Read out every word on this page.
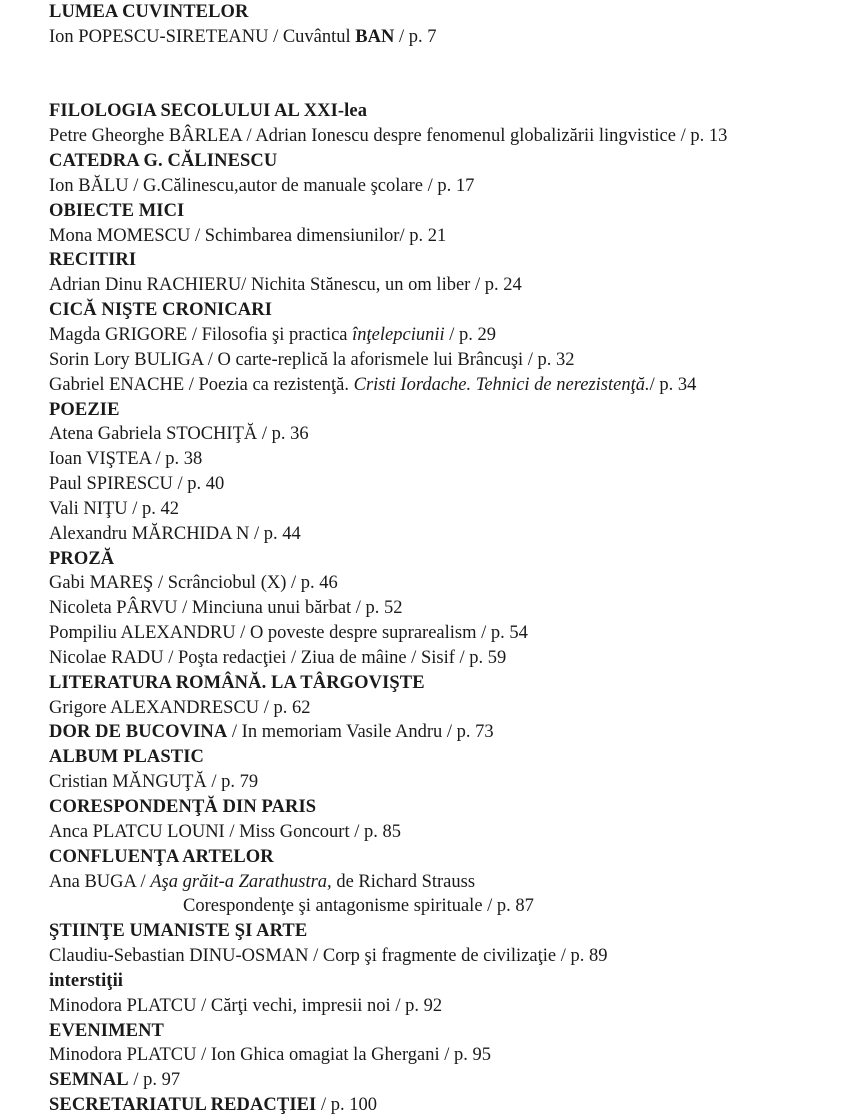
LUMEA CUVINTELOR
Ion POPESCU-SIRETEANU / Cuvântul BAN / p. 7
FILOLOGIA SECOLULUI AL XXI-lea
Petre Gheorghe BÂRLEA / Adrian Ionescu despre fenomenul globalizării lingvistice / p. 13
CATEDRA G. CĂLINESCU
Ion BĂLU / G.Călinescu,autor de manuale şcolare / p. 17
OBIECTE MICI
Mona MOMESCU / Schimbarea dimensiunilor/ p. 21
RECITIRI
Adrian Dinu RACHIERU/ Nichita Stănescu, un om liber / p. 24
CICĂ NIŞTE CRONICARI
Magda GRIGORE / Filosofia şi practica înţelepciunii / p. 29
Sorin Lory BULIGA / O carte-replică la aforismele lui Brâncuşi / p. 32
Gabriel ENACHE / Poezia ca rezistenţă. Cristi Iordache. Tehnici de nerezistenţă./ p. 34
POEZIE
Atena Gabriela STOCHIŢĂ / p. 36
Ioan VIŞTEA / p. 38
Paul SPIRESCU / p. 40
Vali NIŢU / p. 42
Alexandru MĂRCHIDA N / p. 44
PROZĂ
Gabi MAREŞ / Scrânciobul (X) / p. 46
Nicoleta PÂRVU / Minciuna unui bărbat / p. 52
Pompiliu ALEXANDRU / O poveste despre suprarealism / p. 54
Nicolae RADU / Poşta redacţiei / Ziua de mâine / Sisif / p. 59
LITERATURA ROMÂNĂ. LA TÂRGOVIŞTE
Grigore ALEXANDRESCU / p. 62
DOR DE BUCOVINA / In memoriam Vasile Andru / p. 73
ALBUM PLASTIC
Cristian MĂNGUŢĂ / p. 79
CORESPONDENŢĂ DIN PARIS
Anca PLATCU LOUNI / Miss Goncourt / p. 85
CONFLUENŢA ARTELOR
Ana BUGA / Aşa grăit-a Zarathustra, de Richard Strauss
Corespondenţe şi antagonisme spirituale / p. 87
ŞTIINŢE UMANISTE ŞI ARTE
Claudiu-Sebastian DINU-OSMAN / Corp şi fragmente de civilizaţie / p. 89
interstiţii
Minodora PLATCU / Cărţi vechi, impresii noi / p. 92
EVENIMENT
Minodora PLATCU / Ion Ghica omagiat la Ghergani / p. 95
SEMNAL / p. 97
SECRETARIATUL REDACŢIEI / p. 100
